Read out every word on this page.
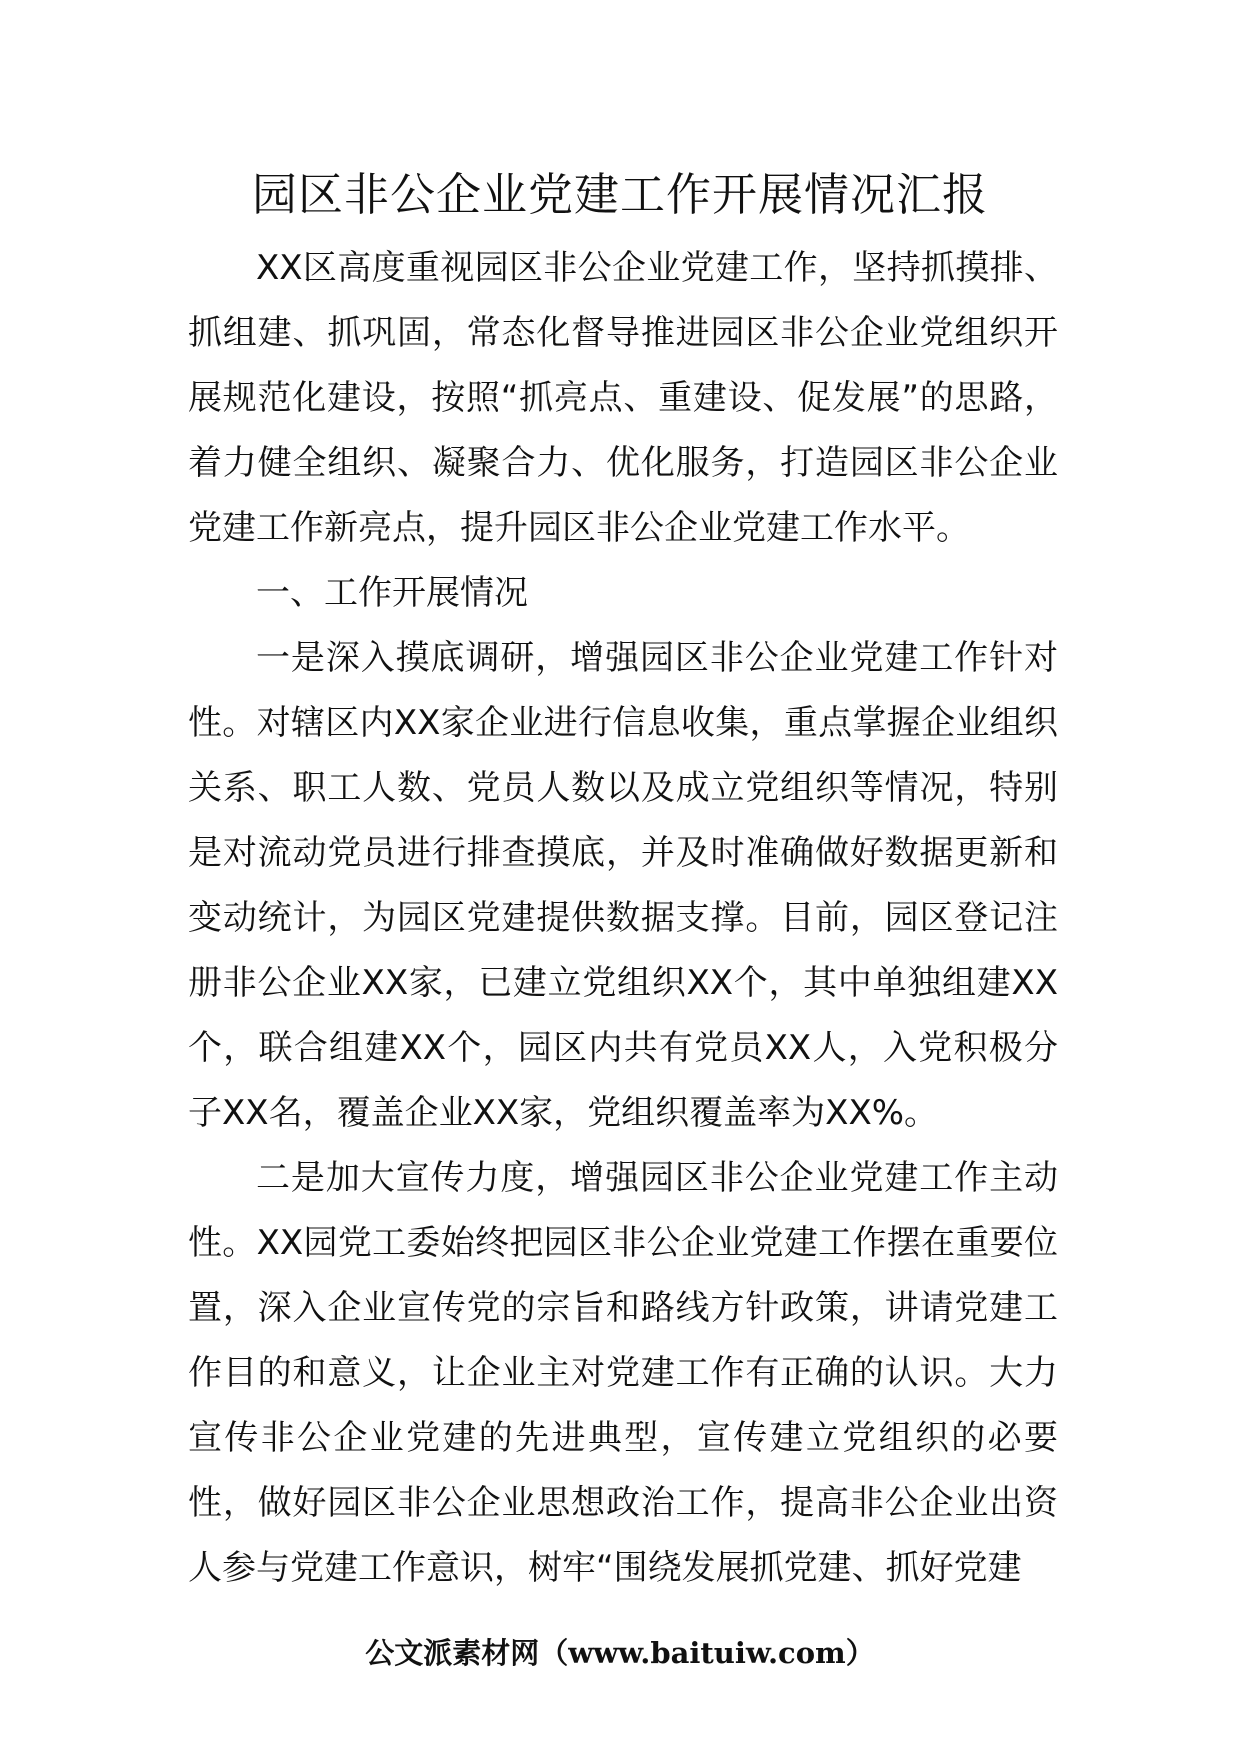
园区非公企业党建工作开展情况汇报

XX区高度重视园区非公企业党建工作，坚持抓摸排、抓组建、抓巩固，常态化督导推进园区非公企业党组织开展规范化建设，按照“抓亮点、重建设、促发展”的思路，着力健全组织、凝聚合力、优化服务，打造园区非公企业党建工作新亮点，提升园区非公企业党建工作水平。

一、工作开展情况

一是深入摸底调研，增强园区非公企业党建工作针对性。对辖区内XX家企业进行信息收集，重点掌握企业组织关系、职工人数、党员人数以及成立党组织等情况，特别是对流动党员进行排查摸底，并及时准确做好数据更新和变动统计，为园区党建提供数据支撑。目前，园区登记注册非公企业XX家，已建立党组织XX个，其中单独组建XX个，联合组建XX个，园区内共有党员XX人，入党积极分子XX名，覆盖企业XX家，党组织覆盖率为XX%。

二是加大宣传力度，增强园区非公企业党建工作主动性。XX园党工委始终把园区非公企业党建工作摆在重要位置，深入企业宣传党的宗旨和路线方针政策，讲请党建工作目的和意义，让企业主对党建工作有正确的认识。大力宣传非公企业党建的先进典型，宣传建立党组织的必要性，做好园区非公企业思想政治工作，提高非公企业出资人参与党建工作意识，树牢“围绕发展抓党建、抓好党建

公文派素材网（www.baituiw.com）
